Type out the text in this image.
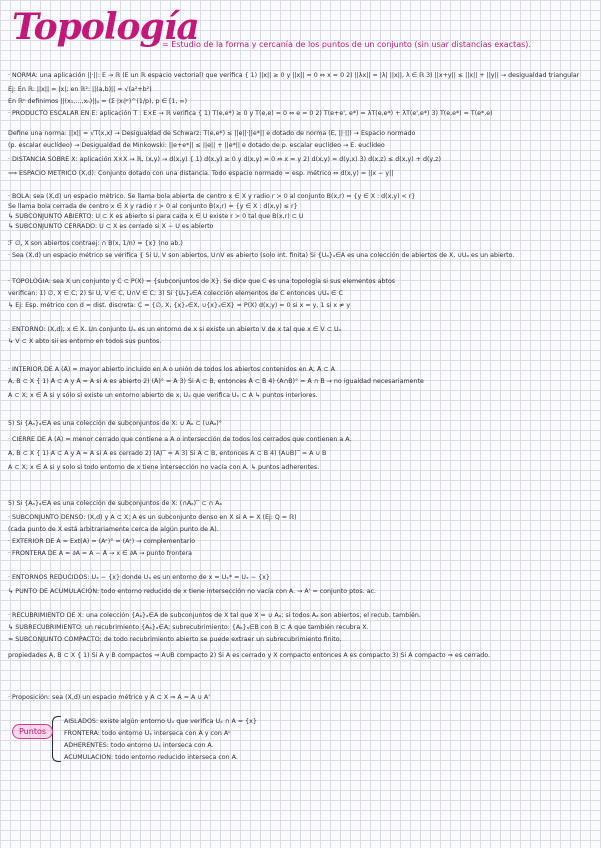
Topología
= Estudio de la forma y cercanía de los puntos de un conjunto (sin usar distancias exactas).
· NORMA: una aplicación ||·||: E → ℝ (E un ℝ espacio vectorial) que verifica { 1) ||x|| ≥ 0 y ||x|| = 0 ⇔ x = 0 2) ||λx|| = |λ| ||x||, λ ∈ ℝ 3) ||x+y|| ≤ ||x|| + ||y|| → desigualdad triangular
Ej: En ℝ: ||x|| = |x|; en ℝ²: ||(a,b)|| = √(a²+b²)
En ℝⁿ definimos ||(x₁,…,xₙ)||ₚ = (Σ |xᵢ|ᵖ)^(1/p), p ∈ [1, ∞)
· PRODUCTO ESCALAR EN E: aplicación T : E×E → ℝ verifica { 1) T(e,e*) ≥ 0 y T(e,e) = 0 ⇔ e = 0 2) T(e+e', e*) = λT(e,e*) + λT(e',e*) 3) T(e,e*) = T(e*,e)
Define una norma: ||x|| = √T(x,x) → Desigualdad de Schwarz: T(e,e*) ≤ ||e||·||e*|| e dotado de norma (E, ||·||) → Espacio normado
(p. escalar euclídeo) → Desigualdad de Minkowski: ||e+e*|| ≤ ||e|| + ||e*|| e dotado de p. escalar euclídeo → E. euclídeo
· DISTANCIA SOBRE X: aplicación X×X → ℝ, (x,y) → d(x,y) { 1) d(x,y) ≥ 0 y d(x,y) = 0 ⇔ x = y 2) d(x,y) = d(y,x) 3) d(x,z) ≤ d(x,y) + d(y,z)
⟹ ESPACIO MÉTRICO (X,d): Conjunto dotado con una distancia. Todo espacio normado = esp. métrico ⇔ d(x,y) = ||x − y||
· BOLA: sea (X,d) un espacio métrico. Se llama bola abierta de centro x ∈ X y radio r > 0 al conjunto B(x,r) = {y ∈ X : d(x,y) < r}
Se llama bola cerrada de centro x ∈ X y radio r > 0 al conjunto B̄(x,r) = {y ∈ X : d(x,y) ≤ r}
↳ SUBCONJUNTO ABIERTO: U ⊂ X es abierto si para cada x ∈ U existe r > 0 tal que B(x,r) ⊂ U
↳ SUBCONJUNTO CERRADO: U ⊂ X es cerrado si X − U es abierto
ℱ ∅, X son abiertos contraej: ∩ B(x, 1/n) = {x} (no ab.)
· Sea (X,d) un espacio métrico se verifica { Si U, V son abiertos, U∩V es abierto (solo int. finita) Si {Uₐ}ₐ∈A es una colección de abiertos de X, ∪Uₐ es un abierto.
· TOPOLOGÍA: sea X un conjunto y C ⊂ P(X) = {subconjuntos de X}. Se dice que C es una topología si sus elementos abtos
verifican: 1) ∅, X ∈ C; 2) Si U, V ∈ C, U∩V ∈ C; 3) Si {Uₐ}ₐ∈A colección elementos de C entonces ∪Uₐ ∈ C
↳ Ej: Esp. métrico con d = dist. discreta: C = {∅, X, {x}ₓ∈X, ∪{x}ₓ∈X} = P(X) d(x,y) = 0 si x = y, 1 si x ≠ y
· ENTORNO: (X,d); x ∈ X. Un conjunto Uₓ es un entorno de x si existe un abierto V de x tal que x ∈ V ⊂ Uₓ
↳ V ⊂ X abto sii es entorno en todos sus puntos.
· INTERIOR DE A (Å) = mayor abierto incluido en A o unión de todos los abiertos contenidos en A; Å ⊂ A
A, B ⊂ X { 1) Å ⊂ A y Å = A si A es abierto 2) (Å)° = Å 3) Si A ⊂ B, entonces Å ⊂ B̊ 4) (A∩B)° = Å ∩ B̊ → no igualdad necesariamente
A ⊂ X; x ∈ Å si y sólo si existe un entorno abierto de x, Uₓ que verifica Uₓ ⊂ A ↳ puntos interiores.
5) Si {Aₐ}ₐ∈A es una colección de subconjuntos de X: ∪ Åₐ ⊂ (∪Aₐ)°
· CIERRE DE A (Ā) = menor cerrado que contiene a A o intersección de todos los cerrados que contienen a A.
A, B ⊂ X { 1) A ⊂ Ā y Ā = A si A es cerrado 2) (Ā)‾ = Ā 3) Si A ⊂ B, entonces Ā ⊂ B̄ 4) (A∪B)‾ = Ā ∪ B̄
A ⊂ X; x ∈ Ā si y solo si todo entorno de x tiene intersección no vacía con A. ↳ puntos adherentes.
5) Si {Aₐ}ₐ∈A es una colección de subconjuntos de X: (∩Aₐ)‾ ⊂ ∩ Āₐ
· SUBCONJUNTO DENSO: (X,d) y A ⊂ X; A es un subconjunto denso en X si Ā = X (Ej: Q̄ = ℝ)
(cada punto de X está arbitrariamente cerca de algún punto de A).
· EXTERIOR DE A = Ext(A) = (Aᶜ)° = (Aᶜ) → complementario
· FRONTERA DE A = ∂A = Ā − Å → x ∈ ∂A → punto frontera
· ENTORNOS REDUCIDOS: Uₓ − {x} donde Uₓ es un entorno de x = Uₓ* = Uₓ − {x}
↳ PUNTO DE ACUMULACIÓN: todo entorno reducido de x tiene intersección no vacía con A. → A' = conjunto ptos. ac.
· RECUBRIMIENTO DE X: una colección {Aₐ}ₐ∈A de subconjuntos de X tal que X = ∪ Aₐ; si todos Aₐ son abiertos, el recub. también.
↳ SUBRECUBRIMIENTO: un recubrimiento {Aₐ}ₐ∈A; subrecubrimiento: {Aₐ}ₐ∈B con B ⊂ A que también recubra X.
= SUBCONJUNTO COMPACTO: de todo recubrimiento abierto se puede extraer un subrecubrimiento finito.
propiedades A, B ⊂ X { 1) Si A y B compactos ⇒ A∪B compacto 2) Si A es cerrado y X compacto entonces A es compacto 3) Si A compacto ⇒ es cerrado.
· Proposición: sea (X,d) un espacio métrico y A ⊂ X ⇒ Ā = A ∪ A'
AISLADOS: existe algún entorno Uₓ que verifica Uₓ ∩ A = {x}
FRONTERA: todo entorno Uₓ interseca con A y con Aᶜ
ADHERENTES: todo entorno Uₓ interseca con A.
ACUMULACIÓN: todo entorno reducido interseca con A.
Puntos
